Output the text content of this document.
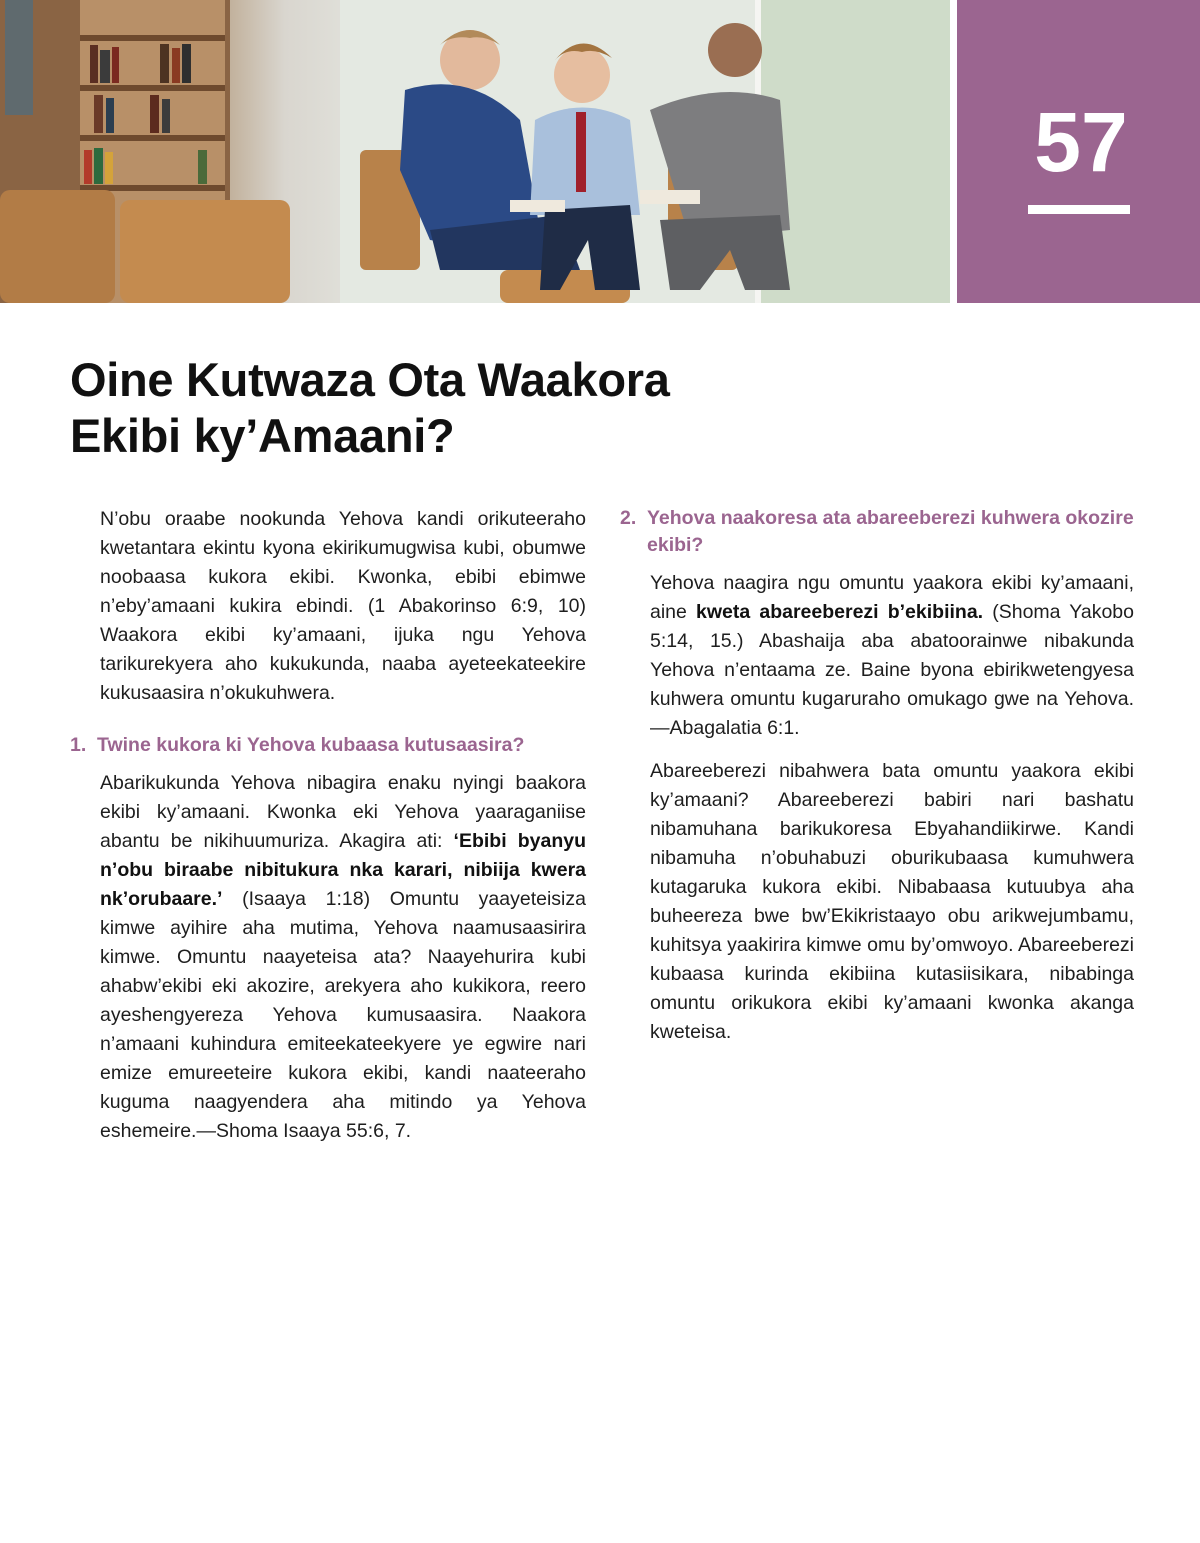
57
Oine Kutwaza Ota Waakora
Ekibi ky’Amaani?

N’obu oraabe nookunda Yehova kandi orikuteeraho kwetantara ekintu kyona ekirikumugwisa kubi, obumwe noobaasa kukora ekibi. Kwonka, ebibi ebimwe n’eby’amaani kukira ebindi. (1 Abakorinso 6:9, 10) Waakora ekibi ky’amaani, ijuka ngu Yehova tarikurekyera aho kukukunda, naaba ayeteekateekire kukusaasira n’okukuhwera.

1. Twine kukora ki Yehova kubaasa kutusaasira?

Abarikukunda Yehova nibagira enaku nyingi baakora ekibi ky’amaani. Kwonka eki Yehova yaaraganiise abantu be nikihuumuriza. Akagira ati: ‘Ebibi byanyu n’obu biraabe nibitukura nka karari, nibiija kwera nk’orubaare.’ (Isaaya 1:18) Omuntu yaayeteisiza kimwe ayihire aha mutima, Yehova naamusaasirira kimwe. Omuntu naayeteisa ata? Naayehurira kubi ahabw’ekibi eki akozire, arekyera aho kukikora, reero ayeshengyereza Yehova kumusaasira. Naakora n’amaani kuhindura emiteekateekyere ye egwire nari emize emureeteire kukora ekibi, kandi naateeraho kuguma naagyendera aha mitindo ya Yehova eshemeire.—Shoma Isaaya 55:6, 7.

2. Yehova naakoresa ata abareeberezi kuhwera okozire ekibi?

Yehova naagira ngu omuntu yaakora ekibi ky’amaani, aine kweta abareeberezi b’ekibiina. (Shoma Yakobo 5:14, 15.) Abashaija aba abatoorainwe nibakunda Yehova n’entaama ze. Baine byona ebirikwetengyesa kuhwera omuntu kugaruraho omukago gwe na Yehova.—Abagalatia 6:1.

Abareeberezi nibahwera bata omuntu yaakora ekibi ky’amaani? Abareeberezi babiri nari bashatu nibamuhana barikukoresa Ebyahandiikirwe. Kandi nibamuha n’obuhabuzi oburikubaasa kumuhwera kutagaruka kukora ekibi. Nibabaasa kutuubya aha buheereza bwe bw’Ekikristaayo obu arikwejumbamu, kuhitsya yaakirira kimwe omu by’omwoyo. Abareeberezi kubaasa kurinda ekibiina kutasiisikara, nibabinga omuntu orikukora ekibi ky’amaani kwonka akanga kweteisa.
